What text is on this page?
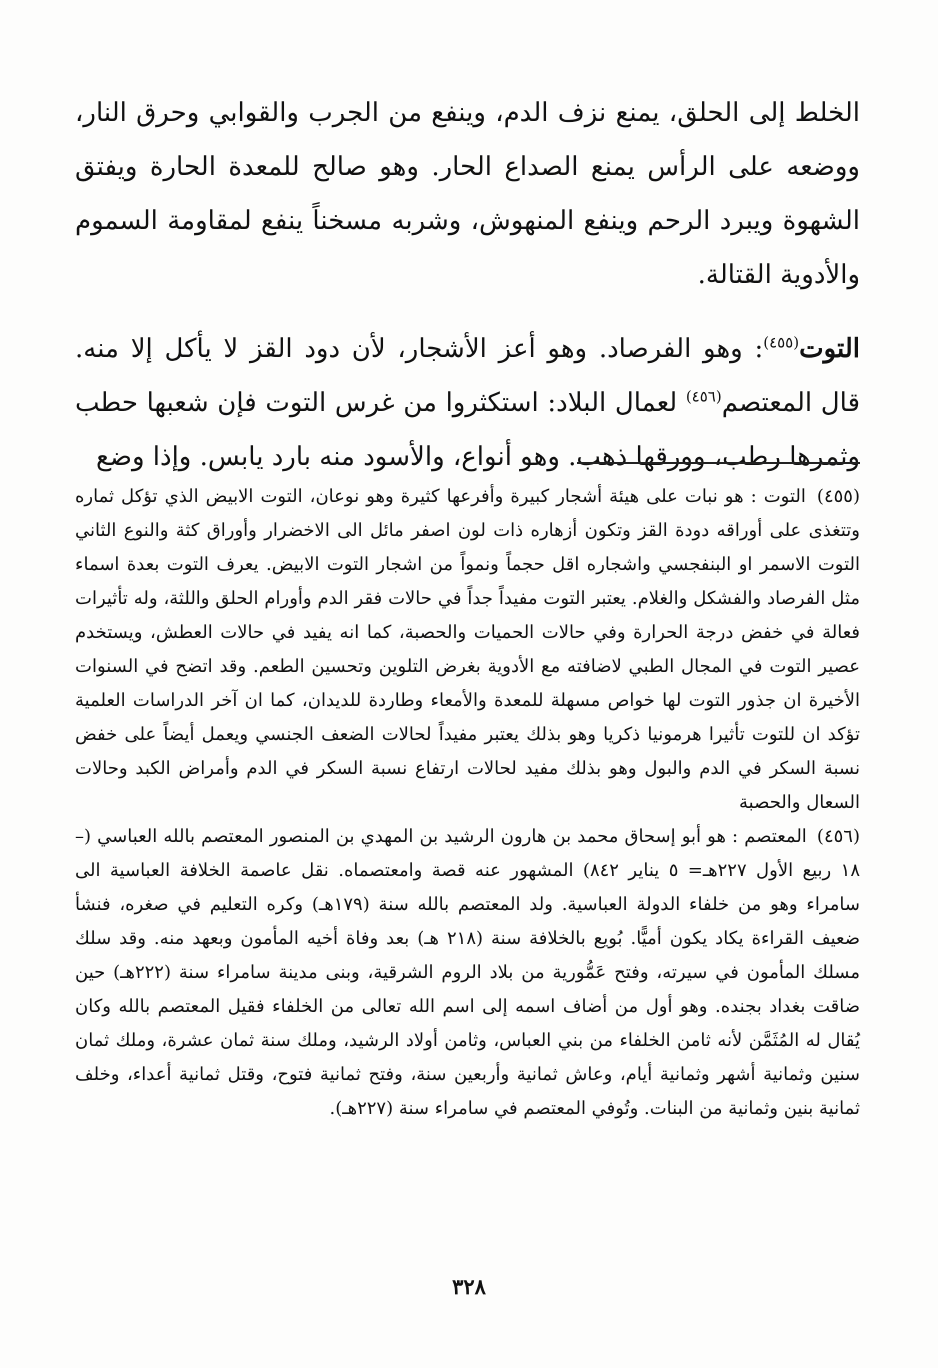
الخلط إلى الحلق، يمنع نزف الدم، وينفع من الجرب والقوابي وحرق النار، ووضعه على الرأس يمنع الصداع الحار. وهو صالح للمعدة الحارة ويفتق الشهوة ويبرد الرحم وينفع المنهوش، وشربه مسخناً ينفع لمقاومة السموم والأدوية القتالة.

التوت$^{(٤٥٥)}$: وهو الفرصاد. وهو أعز الأشجار، لأن دود القز لا يأكل إلا منه. قال المعتصم$^{(٤٥٦)}$ لعمال البلاد: استكثروا من غرس التوت فإن شعبها حطب وثمرها رطب، وورقها ذهب. وهو أنواع، والأسود منه بارد يابس. وإذا وضع

(٤٥٥) التوت : هو نبات على هيئة أشجار كبيرة وأفرعها كثيرة وهو نوعان، التوت الابيض الذي تؤكل ثماره وتتغذى على أوراقه دودة القز وتكون أزهاره ذات لون اصفر مائل الى الاخضرار وأوراق كثة والنوع الثاني التوت الاسمر او البنفجسي واشجاره اقل حجماً ونمواً من اشجار التوت الابيض. يعرف التوت بعدة اسماء مثل الفرصاد والفشكل والغلام. يعتبر التوت مفيداً جداً في حالات فقر الدم وأورام الحلق واللثة، وله تأثيرات فعالة في خفض درجة الحرارة وفي حالات الحميات والحصبة، كما انه يفيد في حالات العطش، ويستخدم عصير التوت في المجال الطبي لاضافته مع الأدوية بغرض التلوين وتحسين الطعم. وقد اتضح في السنوات الأخيرة ان جذور التوت لها خواص مسهلة للمعدة والأمعاء وطاردة للديدان، كما ان آخر الدراسات العلمية تؤكد ان للتوت تأثيرا هرمونيا ذكريا وهو بذلك يعتبر مفيداً لحالات الضعف الجنسي ويعمل أيضاً على خفض نسبة السكر في الدم والبول وهو بذلك مفيد لحالات ارتفاع نسبة السكر في الدم وأمراض الكبد وحالات السعال والحصبة

(٤٥٦) المعتصم : هو أبو إسحاق محمد بن هارون الرشيد بن المهدي بن المنصور المعتصم بالله العباسي (– ١٨ ربيع الأول ٢٢٧هـ= ٥ يناير ٨٤٢) المشهور عنه قصة وامعتصماه. نقل عاصمة الخلافة العباسية الى سامراء وهو من خلفاء الدولة العباسية. ولد المعتصم بالله سنة (١٧٩هـ) وكره التعليم في صغره، فنشأ ضعيف القراءة يكاد يكون أميًّا. بُويع بالخلافة سنة (٢١٨ هـ) بعد وفاة أخيه المأمون وبعهد منه. وقد سلك مسلك المأمون في سيرته، وفتح عَمُّورية من بلاد الروم الشرقية، وبنى مدينة سامراء سنة (٢٢٢هـ) حين ضاقت بغداد بجنده. وهو أول من أضاف اسمه إلى اسم الله تعالى من الخلفاء فقيل المعتصم بالله وكان يُقال له المُثَمَّن لأنه ثامن الخلفاء من بني العباس، وثامن أولاد الرشيد، وملك سنة ثمان عشرة، وملك ثمان سنين وثمانية أشهر وثمانية أيام، وعاش ثمانية وأربعين سنة، وفتح ثمانية فتوح، وقتل ثمانية أعداء، وخلف ثمانية بنين وثمانية من البنات. وتُوفي المعتصم في سامراء سنة (٢٢٧هـ).

٣٢٨
